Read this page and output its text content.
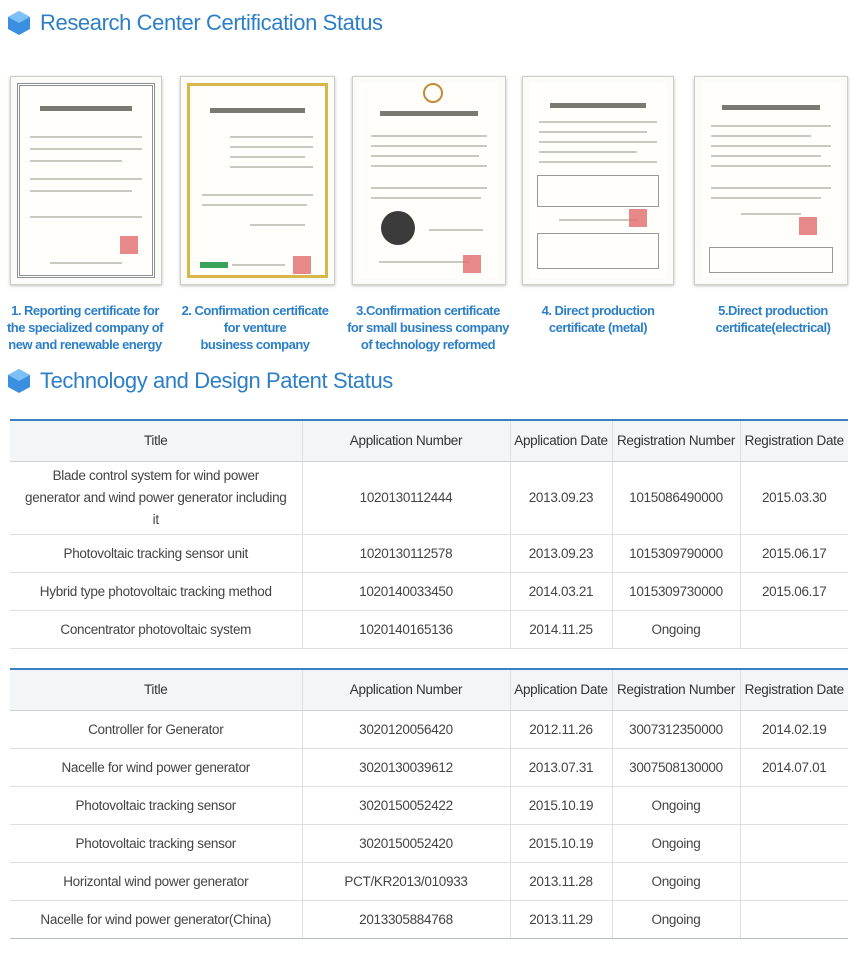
Research Center Certification Status
1. Reporting certificate for
the specialized company of
new and renewable energy
2. Confirmation certificate
for venture
business company
3.Confirmation certificate
for small business company
of technology reformed
4. Direct production
certificate (metal)
5.Direct production
certificate(electrical)
Technology and Design Patent Status
Title	Application Number	Application Date	Registration Number	Registration Date
Blade control system for wind power generator and wind power generator including it	1020130112444	2013.09.23	1015086490000	2015.03.30
Photovoltaic tracking sensor unit	1020130112578	2013.09.23	1015309790000	2015.06.17
Hybrid type photovoltaic tracking method	1020140033450	2014.03.21	1015309730000	2015.06.17
Concentrator photovoltaic system	1020140165136	2014.11.25	Ongoing	
Title	Application Number	Application Date	Registration Number	Registration Date
Controller for Generator	3020120056420	2012.11.26	3007312350000	2014.02.19
Nacelle for wind power generator	3020130039612	2013.07.31	3007508130000	2014.07.01
Photovoltaic tracking sensor	3020150052422	2015.10.19	Ongoing	
Photovoltaic tracking sensor	3020150052420	2015.10.19	Ongoing	
Horizontal wind power generator	PCT/KR2013/010933	2013.11.28	Ongoing	
Nacelle for wind power generator(China)	2013305884768	2013.11.29	Ongoing	
